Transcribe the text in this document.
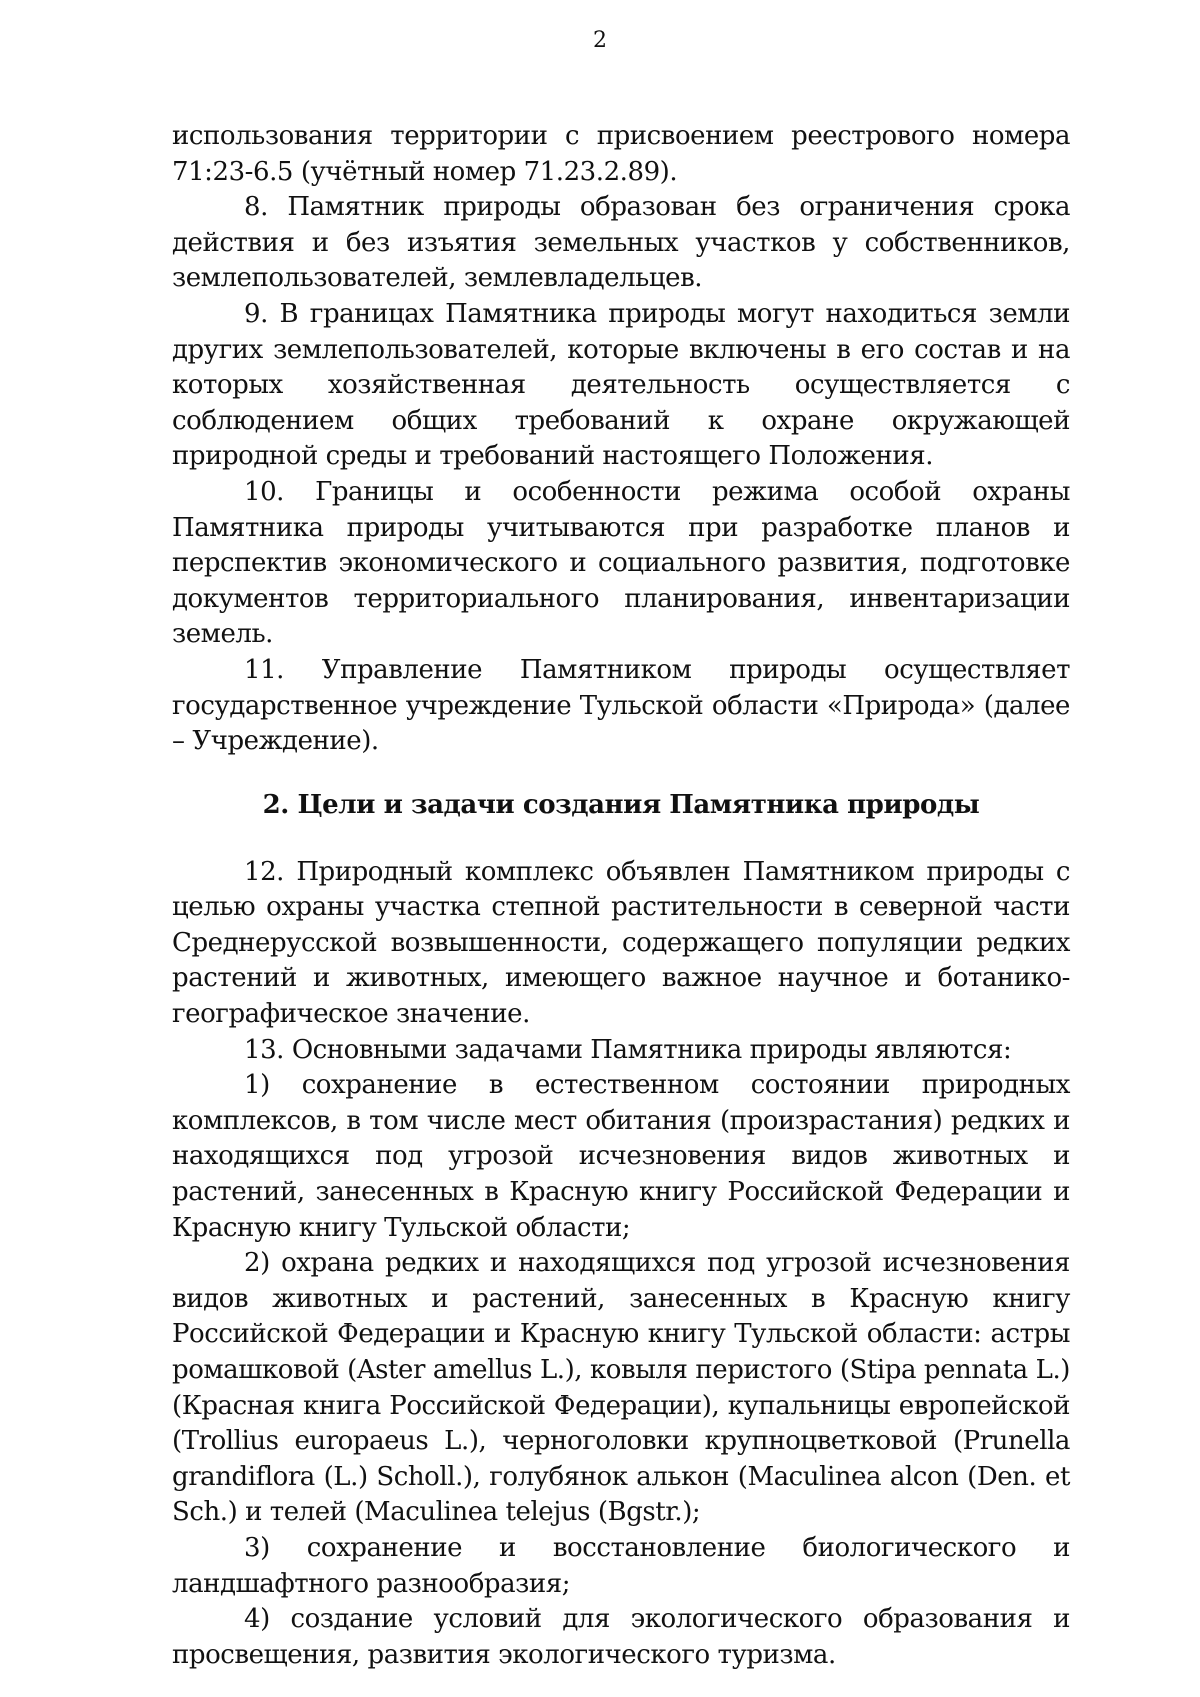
2

использования территории с присвоением реестрового номера 71:23-6.5 (учётный номер 71.23.2.89).

8. Памятник природы образован без ограничения срока действия и без изъятия земельных участков у собственников, землепользователей, землевладельцев.

9. В границах Памятника природы могут находиться земли других землепользователей, которые включены в его состав и на которых хозяйственная деятельность осуществляется с соблюдением общих требований к охране окружающей природной среды и требований настоящего Положения.

10. Границы и особенности режима особой охраны Памятника природы учитываются при разработке планов и перспектив экономического и социального развития, подготовке документов территориального планирования, инвентаризации земель.

11. Управление Памятником природы осуществляет государственное учреждение Тульской области «Природа» (далее – Учреждение).

2. Цели и задачи создания Памятника природы

12. Природный комплекс объявлен Памятником природы с целью охраны участка степной растительности в северной части Среднерусской возвышенности, содержащего популяции редких растений и животных, имеющего важное научное и ботанико-географическое значение.

13. Основными задачами Памятника природы являются:

1) сохранение в естественном состоянии природных комплексов, в том числе мест обитания (произрастания) редких и находящихся под угрозой исчезновения видов животных и растений, занесенных в Красную книгу Российской Федерации и Красную книгу Тульской области;

2) охрана редких и находящихся под угрозой исчезновения видов животных и растений, занесенных в Красную книгу Российской Федерации и Красную книгу Тульской области: астры ромашковой (Aster amellus L.), ковыля перистого (Stipa pennata L.) (Красная книга Российской Федерации), купальницы европейской (Trollius europaeus L.), черноголовки крупноцветковой (Prunella grandiflora (L.) Scholl.), голубянок алькон (Maculinea alcon (Den. et Sch.) и телей (Maculinea telejus (Bgstr.);

3) сохранение и восстановление биологического и ландшафтного разнообразия;

4) создание условий для экологического образования и просвещения, развития экологического туризма.
